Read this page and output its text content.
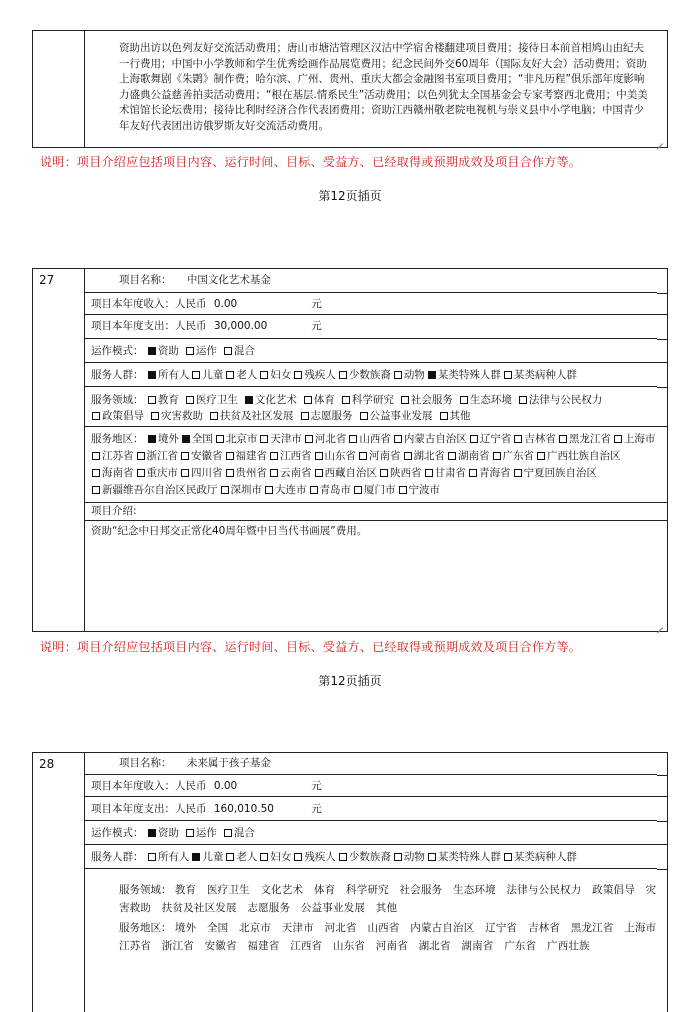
资助出访以色列友好交流活动费用；唐山市塘沽管理区汉沽中学宿舍楼翻建项目费用；接待日本前首相鸠山由纪夫一行费用；中国中小学教师和学生优秀绘画作品展览费用；纪念民间外交60周年（国际友好大会）活动费用；资助上海歌舞剧《朱鹮》制作费；哈尔滨、广州、贵州、重庆大都会金融图书室项目费用；“非凡历程”俱乐部年度影响力盛典公益慈善拍卖活动费用；“根在基层.情系民生”活动费用；以色列犹太全国基金会专家考察西北费用；中美美术馆馆长论坛费用；接待比利时经济合作代表团费用；资助江西赣州敬老院电视机与崇义县中小学电脑；中国青少年友好代表团出访俄罗斯友好交流活动费用。
说明：项目介绍应包括项目内容、运行时间、目标、受益方、已经取得或预期成效及项目合作方等。
第12页插页
27	项目名称： 中国文化艺术基金
项目本年度收入：人民币 0.00	元
项目本年度支出：人民币 30,000.00	元
运作模式： 资助 运作 混合
服务人群： 所有人 儿童 老人 妇女 残疾人 少数族裔 动物 某类特殊人群 某类病种人群
服务领域： 教育 医疗卫生 文化艺术 体育 科学研究 社会服务 生态环境 法律与公民权力政策倡导 灾害救助 扶贫及社区发展 志愿服务 公益事业发展 其他
服务地区： 境外 全国 北京市 天津市 河北省 山西省 内蒙古自治区 辽宁省 吉林省 黑龙江省 上海市江苏省 浙江省 安徽省 福建省 江西省 山东省 河南省 湖北省 湖南省 广东省 广西壮族自治区海南省 重庆市 四川省 贵州省 云南省 西藏自治区 陕西省 甘肃省 青海省 宁夏回族自治区新疆维吾尔自治区民政厅 深圳市 大连市 青岛市 厦门市 宁波市
项目介绍:
资助“纪念中日邦交正常化40周年暨中日当代书画展”费用。
说明：项目介绍应包括项目内容、运行时间、目标、受益方、已经取得或预期成效及项目合作方等。
第12页插页
28	项目名称： 未来属于孩子基金
项目本年度收入：人民币 0.00	元
项目本年度支出：人民币 160,010.50	元
运作模式： 资助 运作 混合
服务人群： 所有人 儿童 老人 妇女 残疾人 少数族裔 动物 某类特殊人群 某类病种人群
服务领域： 教育　医疗卫生　文化艺术　体育　科学研究　社会服务　生态环境　法律与公民权力　政策倡导　灾害救助　扶贫及社区发展　志愿服务　公益事业发展　其他
服务地区： 境外　全国　北京市　天津市　河北省　山西省　内蒙古自治区　辽宁省　吉林省　黑龙江省　上海市　江苏省　浙江省　安徽省　福建省　江西省　山东省　河南省　湖北省　湖南省　广东省　广西壮族
